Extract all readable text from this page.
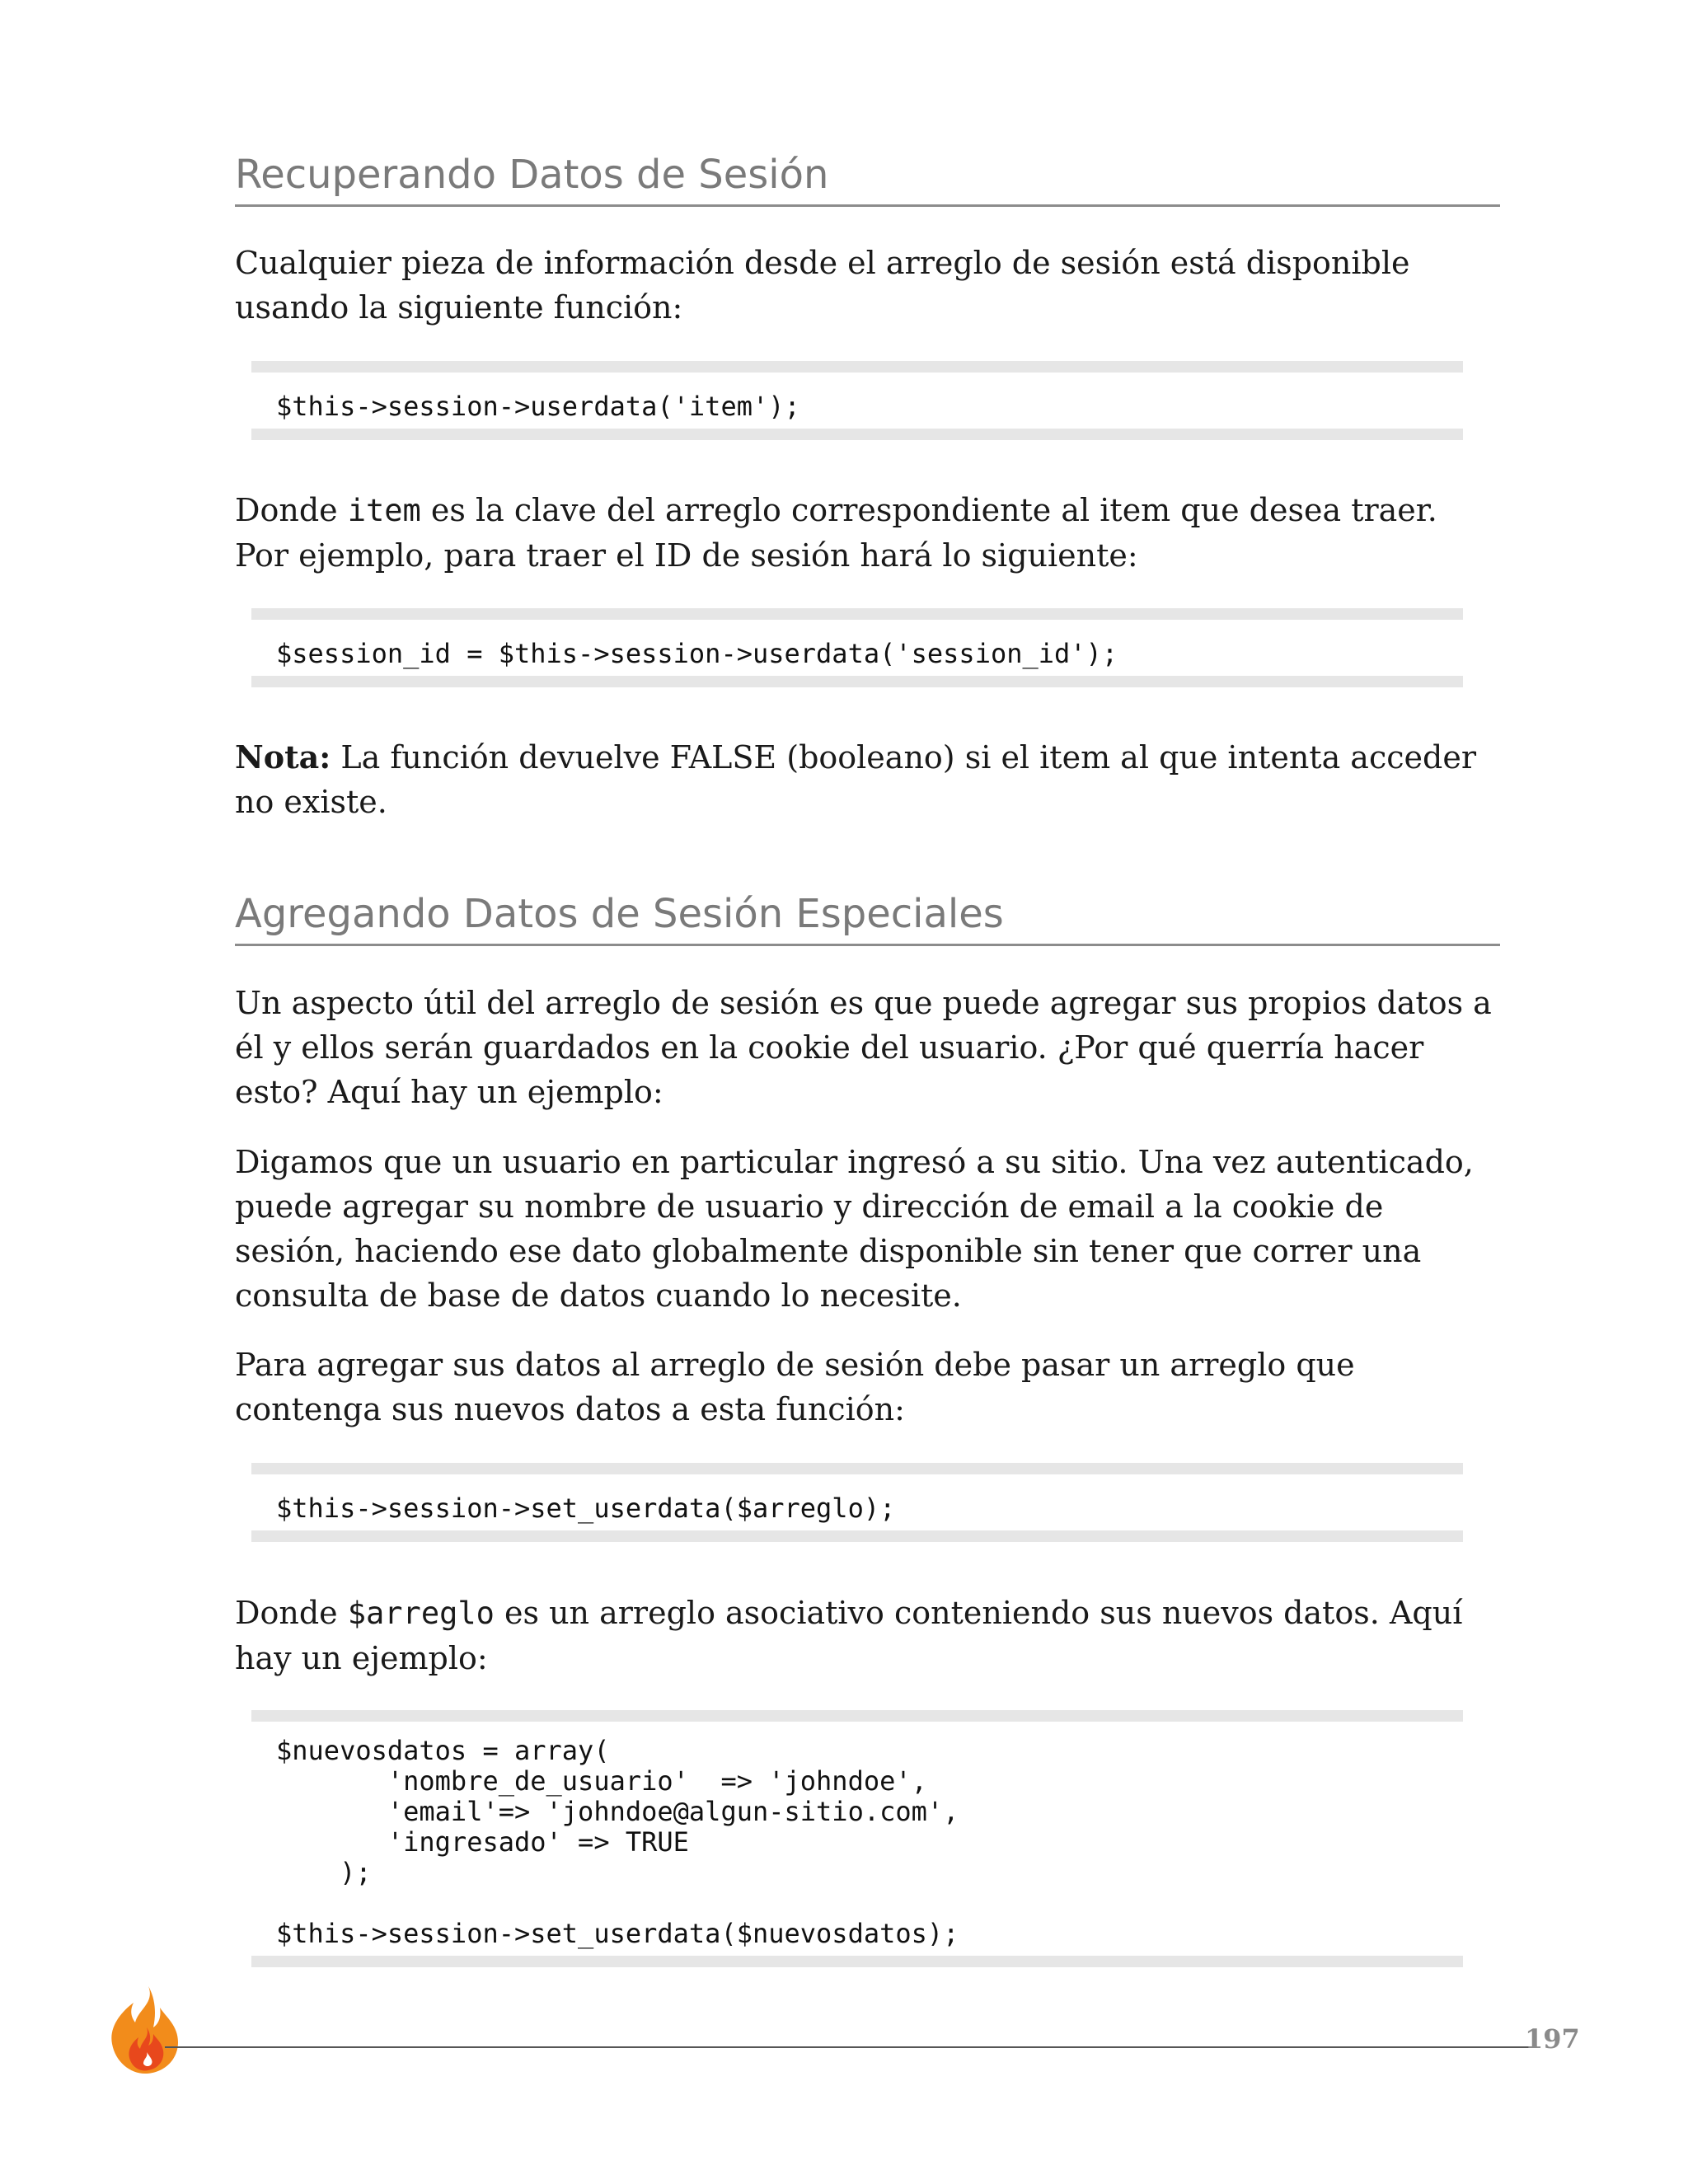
Recuperando Datos de Sesión

Cualquier pieza de información desde el arreglo de sesión está disponible usando la siguiente función:

$this->session->userdata('item');

Donde item es la clave del arreglo correspondiente al item que desea traer. Por ejemplo, para traer el ID de sesión hará lo siguiente:

$session_id = $this->session->userdata('session_id');

Nota: La función devuelve FALSE (booleano) si el item al que intenta acceder no existe.

Agregando Datos de Sesión Especiales

Un aspecto útil del arreglo de sesión es que puede agregar sus propios datos a él y ellos serán guardados en la cookie del usuario. ¿Por qué querría hacer esto? Aquí hay un ejemplo:

Digamos que un usuario en particular ingresó a su sitio. Una vez autenticado, puede agregar su nombre de usuario y dirección de email a la cookie de sesión, haciendo ese dato globalmente disponible sin tener que correr una consulta de base de datos cuando lo necesite.

Para agregar sus datos al arreglo de sesión debe pasar un arreglo que contenga sus nuevos datos a esta función:

$this->session->set_userdata($arreglo);

Donde $arreglo es un arreglo asociativo conteniendo sus nuevos datos. Aquí hay un ejemplo:

$nuevosdatos = array(
'nombre_de_usuario'  => 'johndoe',
'email'=> 'johndoe@algun-sitio.com',
'ingresado' => TRUE
);

$this->session->set_userdata($nuevosdatos);
197
